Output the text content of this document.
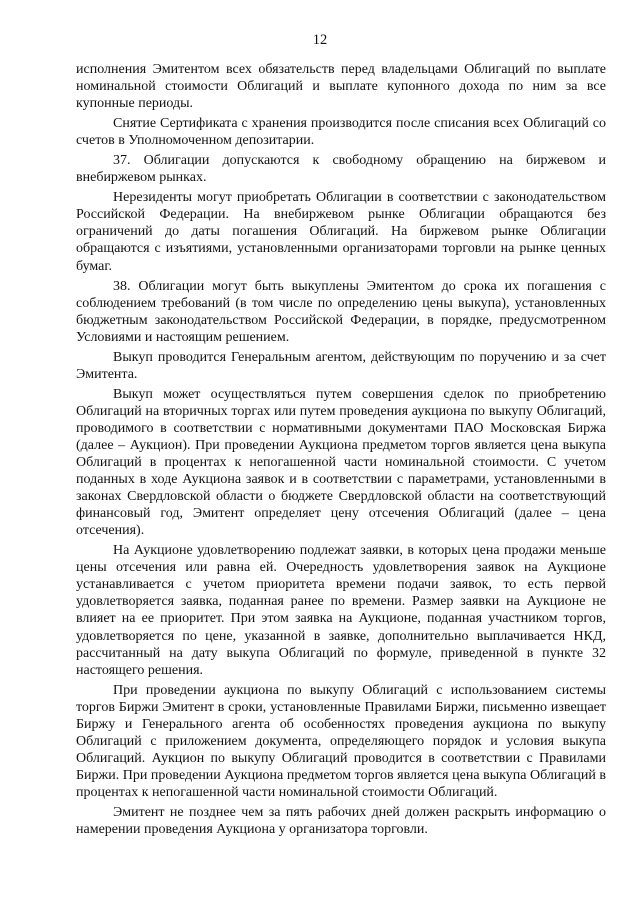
12

исполнения Эмитентом всех обязательств перед владельцами Облигаций по выплате номинальной стоимости Облигаций и выплате купонного дохода по ним за все купонные периоды.

Снятие Сертификата с хранения производится после списания всех Облигаций со счетов в Уполномоченном депозитарии.

37. Облигации допускаются к свободному обращению на биржевом и внебиржевом рынках.

Нерезиденты могут приобретать Облигации в соответствии с законодательством Российской Федерации. На внебиржевом рынке Облигации обращаются без ограничений до даты погашения Облигаций. На биржевом рынке Облигации обращаются с изъятиями, установленными организаторами торговли на рынке ценных бумаг.

38. Облигации могут быть выкуплены Эмитентом до срока их погашения с соблюдением требований (в том числе по определению цены выкупа), установленных бюджетным законодательством Российской Федерации, в порядке, предусмотренном Условиями и настоящим решением.

Выкуп проводится Генеральным агентом, действующим по поручению и за счет Эмитента.

Выкуп может осуществляться путем совершения сделок по приобретению Облигаций на вторичных торгах или путем проведения аукциона по выкупу Облигаций, проводимого в соответствии с нормативными документами ПАО Московская Биржа (далее – Аукцион). При проведении Аукциона предметом торгов является цена выкупа Облигаций в процентах к непогашенной части номинальной стоимости. С учетом поданных в ходе Аукциона заявок и в соответствии с параметрами, установленными в законах Свердловской области о бюджете Свердловской области на соответствующий финансовый год, Эмитент определяет цену отсечения Облигаций (далее – цена отсечения).

На Аукционе удовлетворению подлежат заявки, в которых цена продажи меньше цены отсечения или равна ей. Очередность удовлетворения заявок на Аукционе устанавливается с учетом приоритета времени подачи заявок, то есть первой удовлетворяется заявка, поданная ранее по времени. Размер заявки на Аукционе не влияет на ее приоритет. При этом заявка на Аукционе, поданная участником торгов, удовлетворяется по цене, указанной в заявке, дополнительно выплачивается НКД, рассчитанный на дату выкупа Облигаций по формуле, приведенной в пункте 32 настоящего решения.

При проведении аукциона по выкупу Облигаций с использованием системы торгов Биржи Эмитент в сроки, установленные Правилами Биржи, письменно извещает Биржу и Генерального агента об особенностях проведения аукциона по выкупу Облигаций с приложением документа, определяющего порядок и условия выкупа Облигаций. Аукцион по выкупу Облигаций проводится в соответствии с Правилами Биржи. При проведении Аукциона предметом торгов является цена выкупа Облигаций в процентах к непогашенной части номинальной стоимости Облигаций.

Эмитент не позднее чем за пять рабочих дней должен раскрыть информацию о намерении проведения Аукциона у организатора торговли.
